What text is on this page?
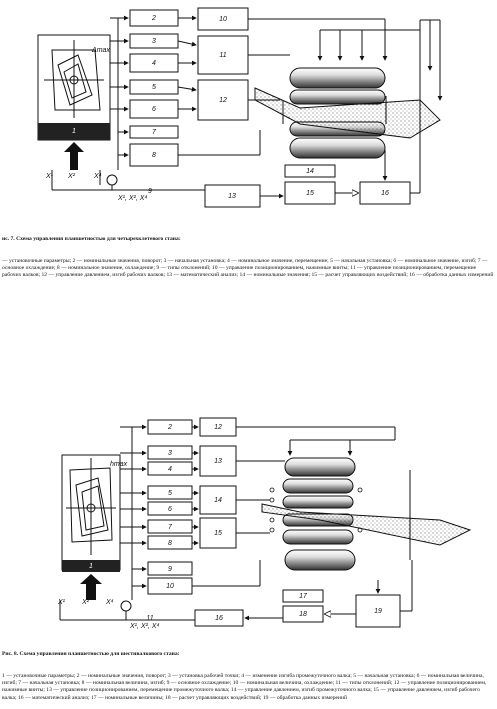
1
Δmax
X¹ X²	X⁴
2
3
4
5
6
7
8
10
11
12
13
14
15	16
9
X¹, X², X⁴
1
hmax
X¹ X² X⁴
2
3
4
5
6
7
8
9
10
12
13
14
15
16
17
18	19
11
X¹, X², X⁴

ис. 7. Схема управления планшетностью для четырехклетевого стана:

— установочные параметры; 2 — номинальные значения, поворот; 3 — начальная установка; 4 — номинальное значение, перемещение; 5 — начальная установка; 6 — номинальное значение, изгиб; 7 — основное охлаждение; 8 — номинальное значение, охлаждение; 9 — типы отклонений; 10 — управление позиционированием, нажимные винты; 11 — управление позиционированием, перемещение рабочих валков; 12 — управление давлением, изгиб рабочих валков; 13 — математический анализ; 14 — номинальные значения; 15 — расчет управляющих воздействий; 16 — обработка данных измерений

Рис. 8. Схема управления планшетностью для шестивалкового стана:

1 — установочные параметры; 2 — номинальные значения, поворот; 3 — установка рабочей точки; 4 — изменение изгиба промежуточного валка; 5 — начальная установка; 6 — номинальная величина, изгиб; 7 — начальная установка; 8 — номинальная величина, изгиб; 9 — основное охлаждение; 10 — номинальная величина, охлаждение; 11 — типы отклонений; 12 — управление позиционированием, нажимные винты; 13 — управление позиционированием, перемещение промежуточного валка; 14 — управление давлением, изгиб промежуточного валка; 15 — управление давлением, изгиб рабочего валка; 16 — математический анализ; 17 — номинальные величины; 18 — расчет управляющих воздействий; 19 — обработка данных измерений
